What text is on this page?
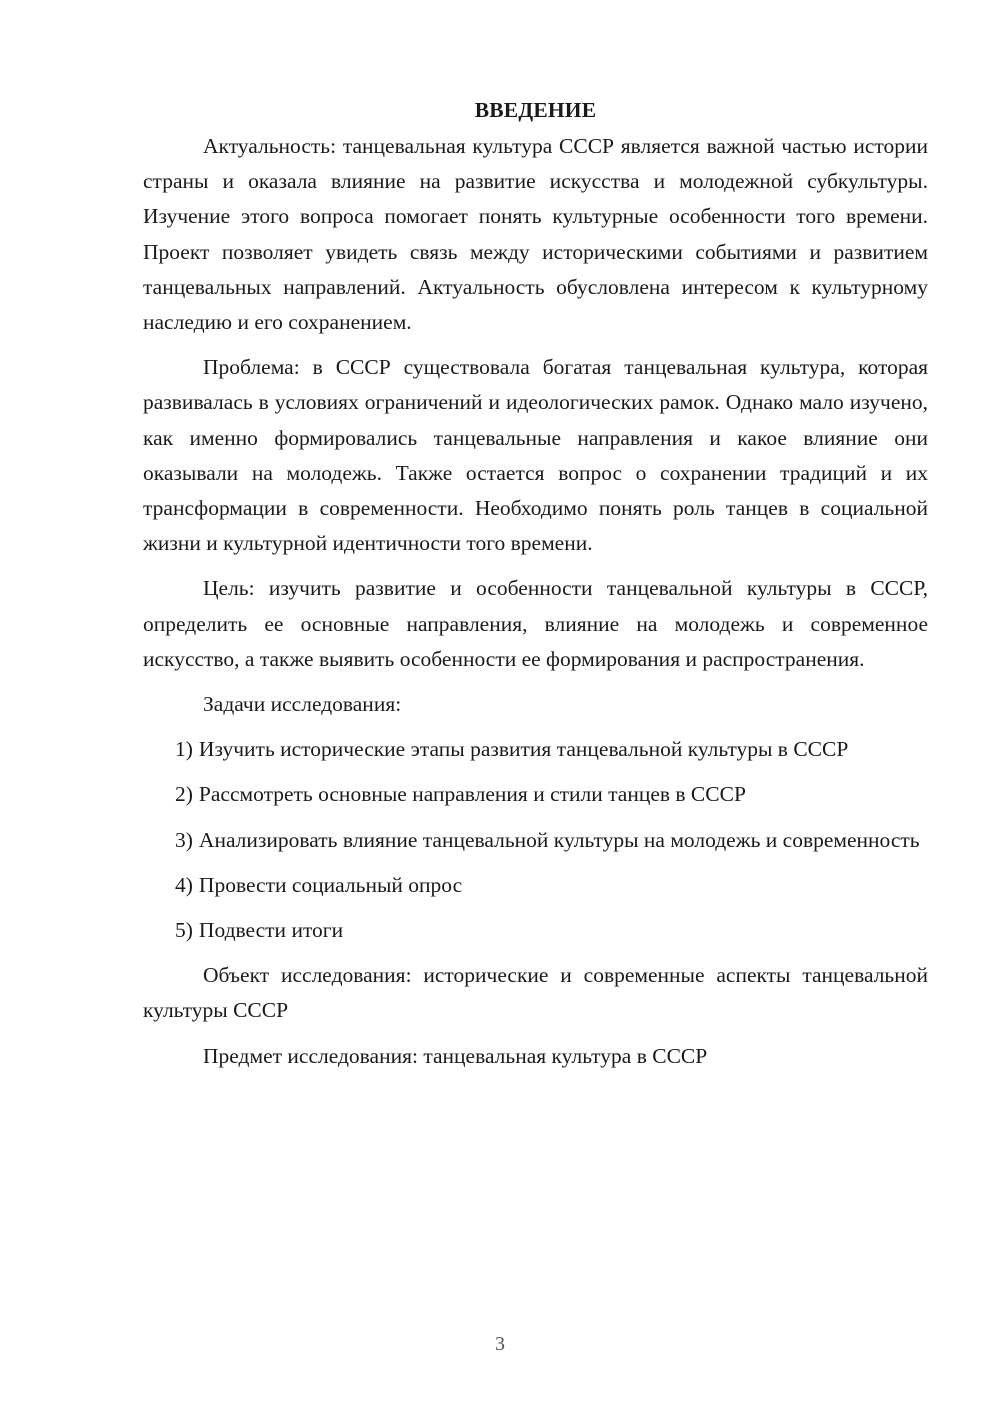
ВВЕДЕНИЕ

Актуальность: танцевальная культура СССР является важной частью истории страны и оказала влияние на развитие искусства и молодежной субкультуры. Изучение этого вопроса помогает понять культурные особенности того времени. Проект позволяет увидеть связь между историческими событиями и развитием танцевальных направлений. Актуальность обусловлена интересом к культурному наследию и его сохранением.

Проблема: в СССР существовала богатая танцевальная культура, которая развивалась в условиях ограничений и идеологических рамок. Однако мало изучено, как именно формировались танцевальные направления и какое влияние они оказывали на молодежь. Также остается вопрос о сохранении традиций и их трансформации в современности. Необходимо понять роль танцев в социальной жизни и культурной идентичности того времени.

Цель: изучить развитие и особенности танцевальной культуры в СССР, определить ее основные направления, влияние на молодежь и современное искусство, а также выявить особенности ее формирования и распространения.

Задачи исследования:

1) Изучить исторические этапы развития танцевальной культуры в СССР

2) Рассмотреть основные направления и стили танцев в СССР

3) Анализировать влияние танцевальной культуры на молодежь и современность

4) Провести социальный опрос

5) Подвести итоги

Объект исследования: исторические и современные аспекты танцевальной культуры СССР

Предмет исследования: танцевальная культура в СССР

3
